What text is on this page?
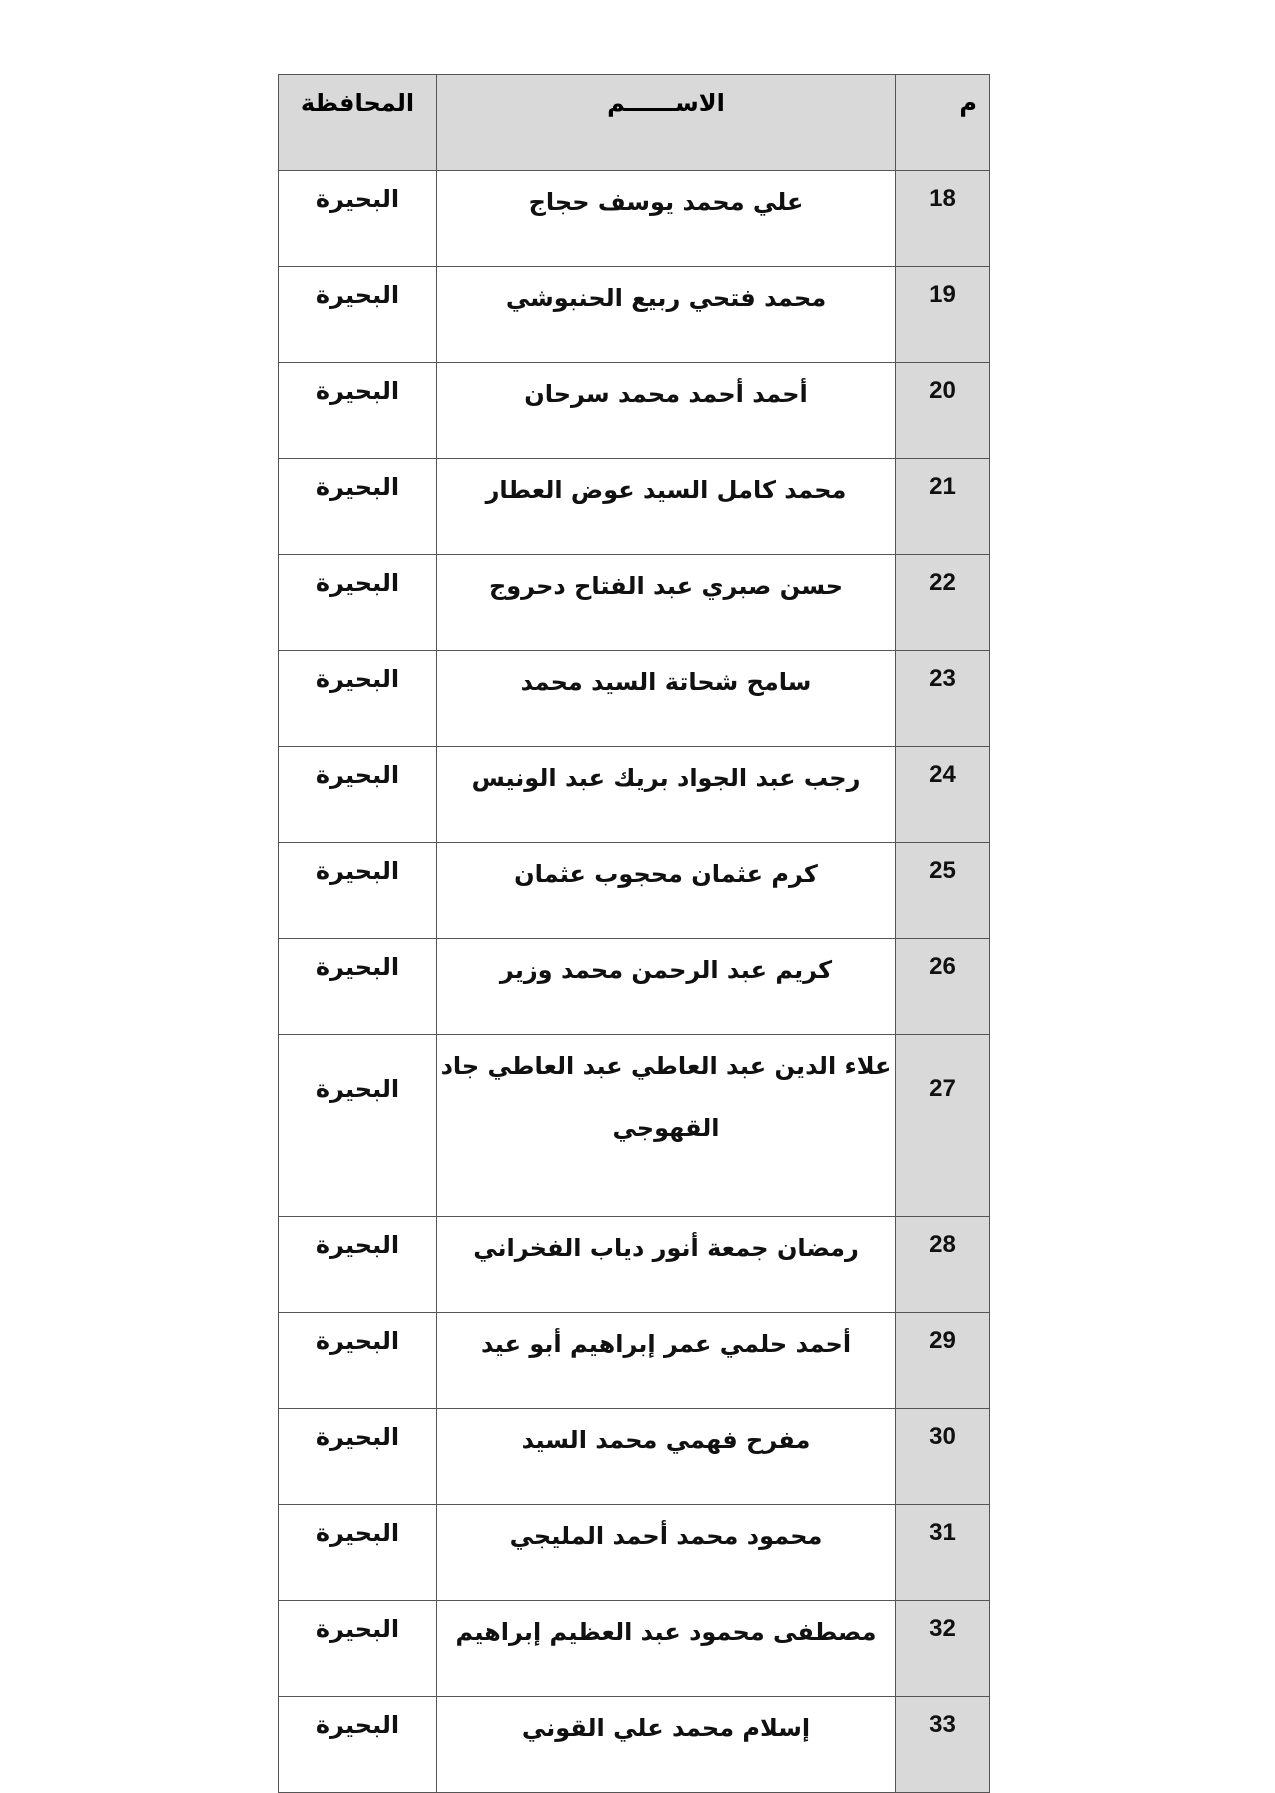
م	الاســــــم	المحافظة
18	علي محمد يوسف حجاج	البحيرة
19	محمد فتحي ربيع الحنبوشي	البحيرة
20	أحمد أحمد محمد سرحان	البحيرة
21	محمد كامل السيد عوض العطار	البحيرة
22	حسن صبري عبد الفتاح دحروج	البحيرة
23	سامح شحاتة السيد محمد	البحيرة
24	رجب عبد الجواد بريك عبد الونيس	البحيرة
25	كرم عثمان محجوب عثمان	البحيرة
26	كريم عبد الرحمن محمد وزير	البحيرة
27	علاء الدين عبد العاطي عبد العاطي جاد القهوجي	البحيرة
28	رمضان جمعة أنور دياب الفخراني	البحيرة
29	أحمد حلمي عمر إبراهيم أبو عيد	البحيرة
30	مفرح فهمي محمد السيد	البحيرة
31	محمود محمد أحمد المليجي	البحيرة
32	مصطفى محمود عبد العظيم إبراهيم	البحيرة
33	إسلام محمد علي القوني	البحيرة
